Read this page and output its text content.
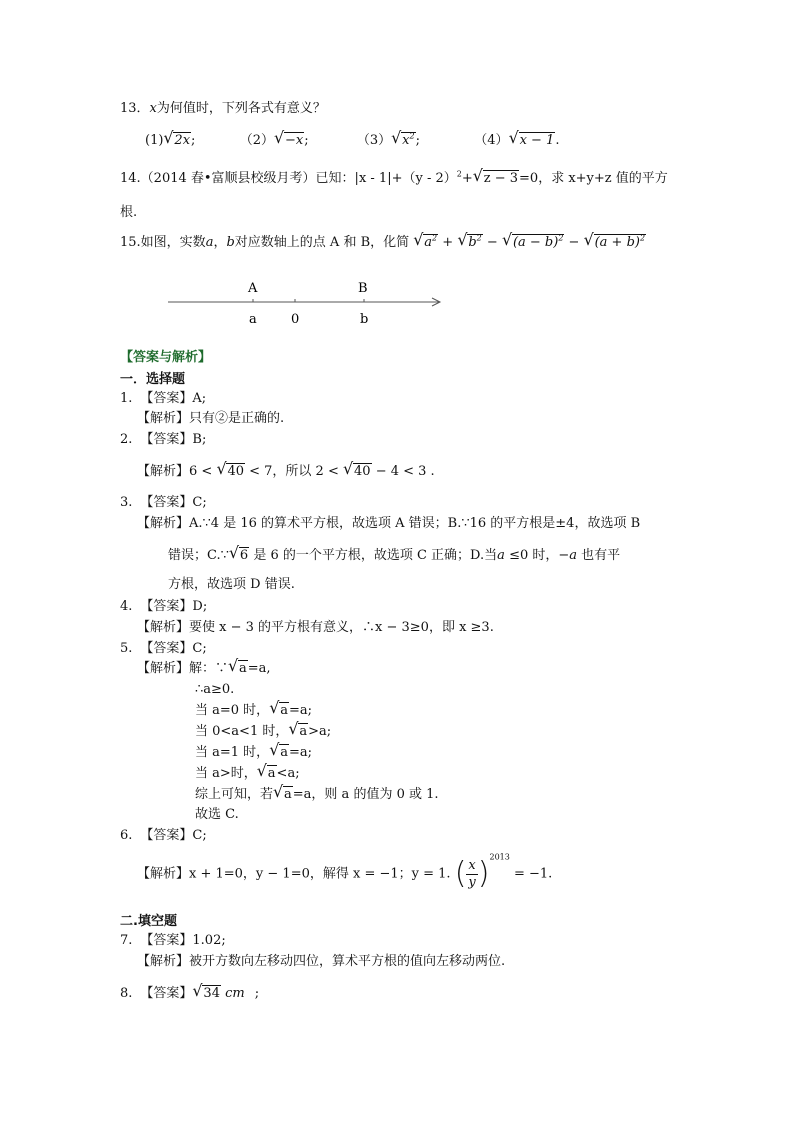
13．x为何值时，下列各式有意义？
(1) √ 2x;	（2） √ −x;	（3） √ $x^2$;	（4） √ x − 1.
14.（2014 春•富顺县校级月考）已知：|x - 1|+（y - 2）$^2$+ √ z − 3=0，求 x+y+z 值的平方
根.
15.如图，实数a，b对应数轴上的点 A 和 B，化简 √ $a^2$ + √ $b^2$ − √ $(a - b)^2$ − √ $(a + b)^2$
A	B
a	0	b
【答案与解析】
一．选择题
1. 【答案】A;
【解析】只有②是正确的.
2. 【答案】B;
【解析】6 < √ 40 < 7，所以 2 < √ 40 − 4 < 3 .
3. 【答案】C;
【解析】A.∵4 是 16 的算术平方根，故选项 A 错误；B.∵16 的平方根是±4，故选项 B
错误；C.∵ √ 6 是 6 的一个平方根，故选项 C 正确；D.当a ≤0 时，−a 也有平
方根，故选项 D 错误.
4. 【答案】D;
【解析】要使 x − 3 的平方根有意义，∴x − 3≥0，即 x ≥3.
5. 【答案】C;
【解析】解：∵ √ a=a,
∴a≥0.
当 a=0 时， √ a=a;
当 0<a<1 时， √ a>a;
当 a=1 时， √ a=a;
当 a>时， √ a<a;
综上可知，若 √ a=a，则 a 的值为 0 或 1.
故选 C.
6. 【答案】C;
【解析】x + 1=0，y − 1=0，解得 x = −1；y = 1. ( $\frac{x}{y} )^{2013} = -1$.
二.填空题
7. 【答案】1.02;
【解析】被开方数向左移动四位，算术平方根的值向左移动两位.
8. 【答案】 √ 34 cm ;
